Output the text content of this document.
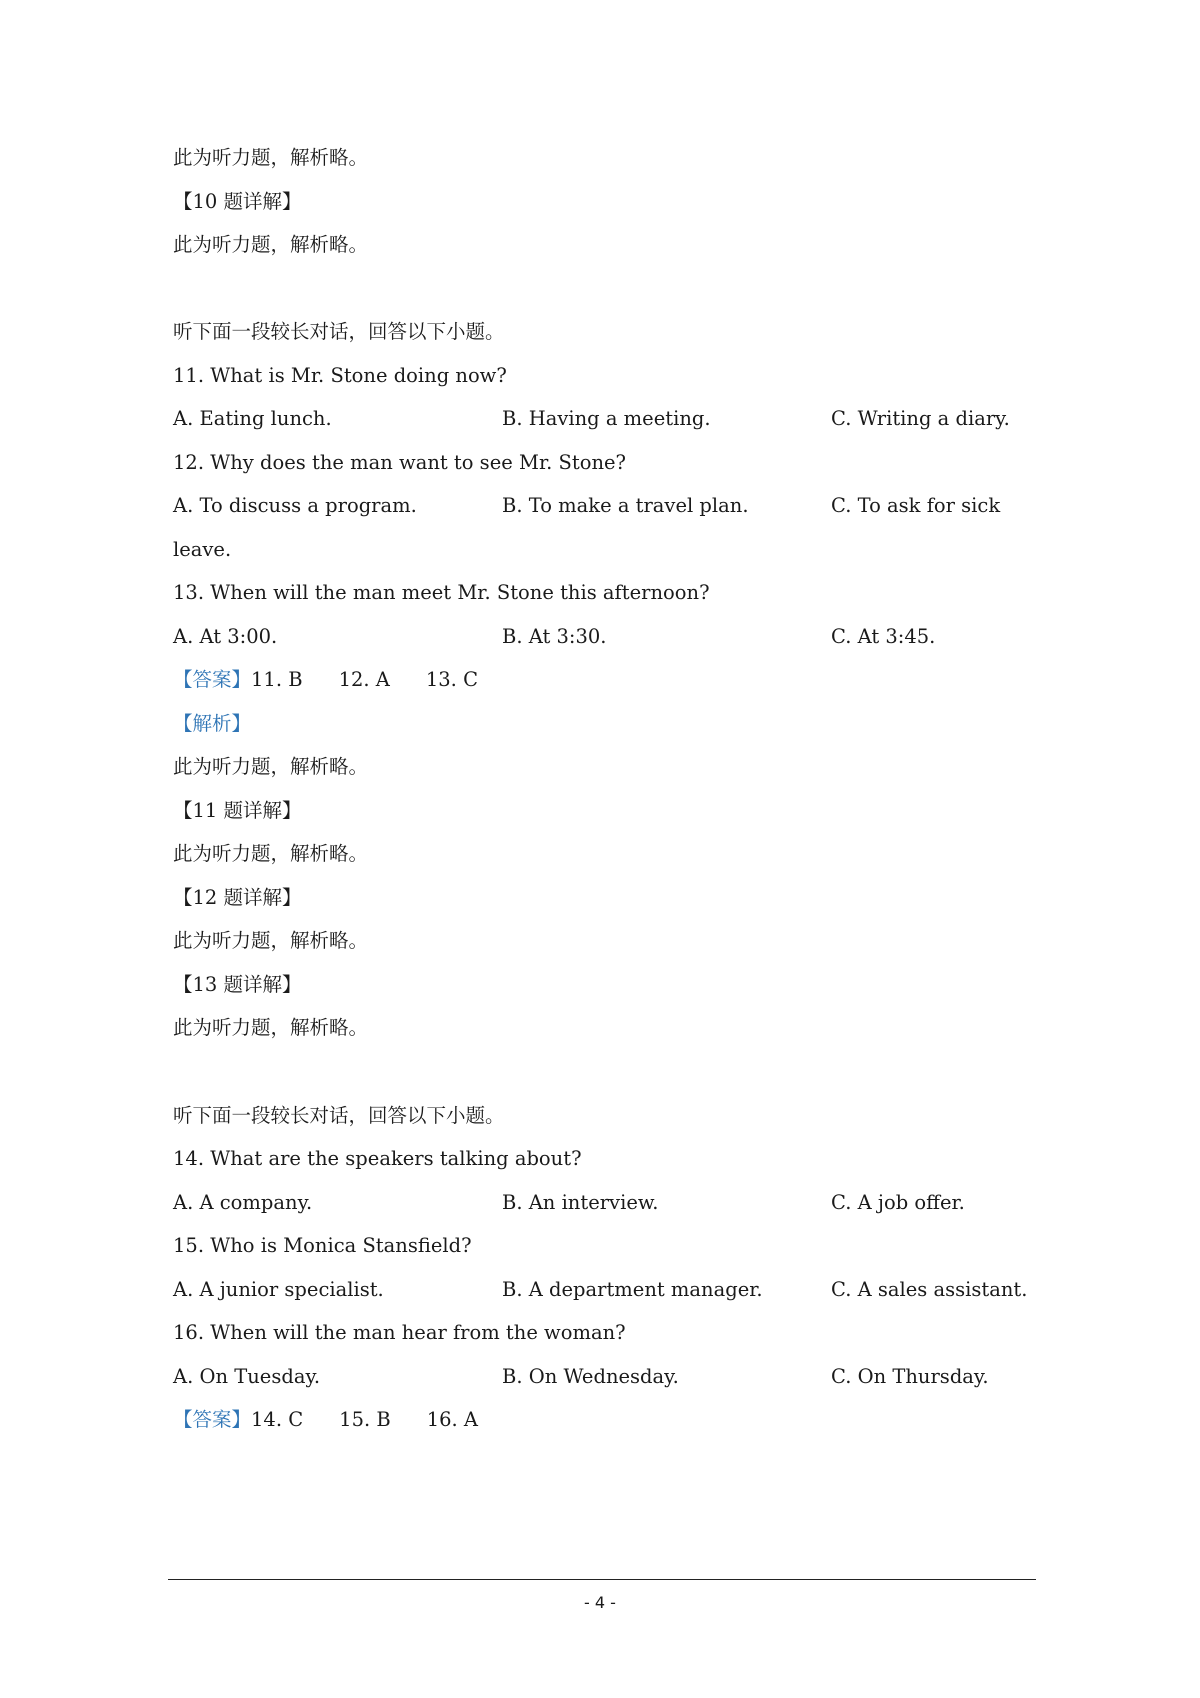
此为听力题，解析略。
【10 题详解】
此为听力题，解析略。
听下面一段较长对话，回答以下小题。
11. What is Mr. Stone doing now?
A. Eating lunch.	B. Having a meeting.	C. Writing a diary.
12. Why does the man want to see Mr. Stone?
A. To discuss a program.	B. To make a travel plan.	C. To ask for sick
leave.
13. When will the man meet Mr. Stone this afternoon?
A. At 3:00.	B. At 3:30.	C. At 3:45.
【答案】11. B 12. A 13. C
【解析】
此为听力题，解析略。
【11 题详解】
此为听力题，解析略。
【12 题详解】
此为听力题，解析略。
【13 题详解】
此为听力题，解析略。
听下面一段较长对话，回答以下小题。
14. What are the speakers talking about?
A. A company.	B. An interview.	C. A job offer.
15. Who is Monica Stansfield?
A. A junior specialist.	B. A department manager.	C. A sales assistant.
16. When will the man hear from the woman?
A. On Tuesday.	B. On Wednesday.	C. On Thursday.
【答案】14. C 15. B 16. A
- 4 -
